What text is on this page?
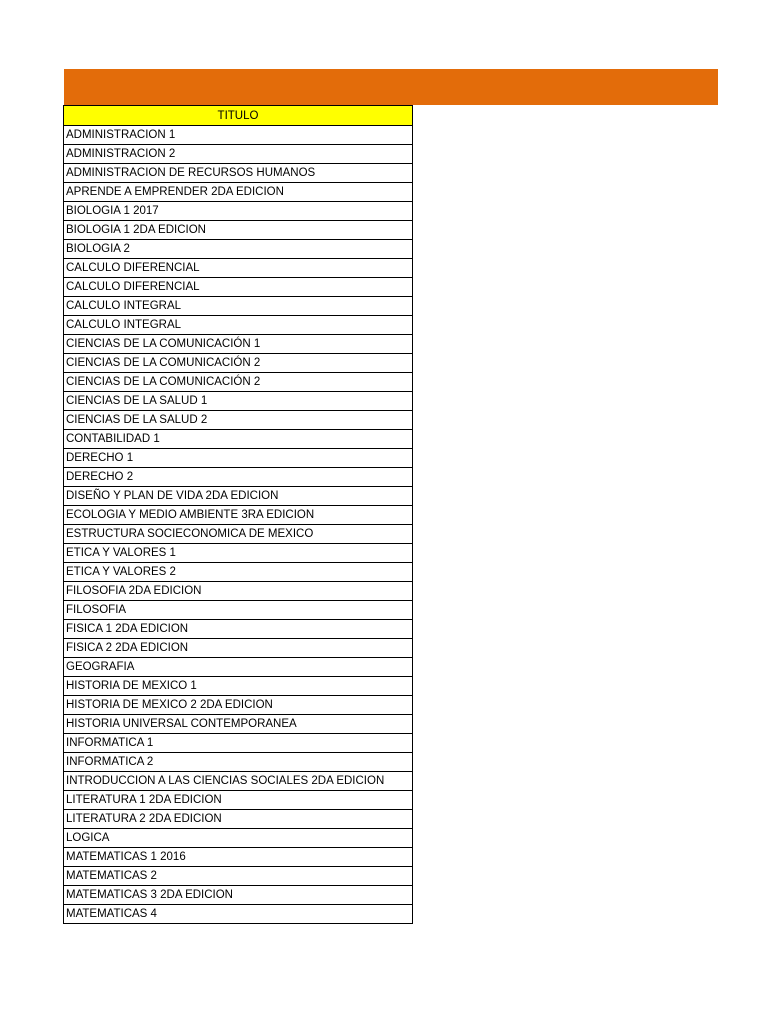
TITULO
ADMINISTRACION 1
ADMINISTRACION 2
ADMINISTRACION DE RECURSOS HUMANOS
APRENDE A EMPRENDER 2DA EDICION
BIOLOGIA 1 2017
BIOLOGIA 1 2DA EDICION
BIOLOGIA 2
CALCULO DIFERENCIAL
CALCULO DIFERENCIAL
CALCULO INTEGRAL
CALCULO INTEGRAL
CIENCIAS DE LA COMUNICACIÓN 1
CIENCIAS DE LA COMUNICACIÓN 2
CIENCIAS DE LA COMUNICACIÓN 2
CIENCIAS DE LA SALUD 1
CIENCIAS DE LA SALUD 2
CONTABILIDAD 1
DERECHO 1
DERECHO 2
DISEÑO Y PLAN DE VIDA 2DA EDICION
ECOLOGIA Y MEDIO AMBIENTE 3RA EDICION
ESTRUCTURA SOCIECONOMICA DE MEXICO
ETICA Y VALORES 1
ETICA Y VALORES 2
FILOSOFIA 2DA EDICION
FILOSOFIA
FISICA 1 2DA EDICION
FISICA 2 2DA EDICION
GEOGRAFIA
HISTORIA DE MEXICO 1
HISTORIA DE MEXICO 2 2DA EDICION
HISTORIA UNIVERSAL CONTEMPORANEA
INFORMATICA 1
INFORMATICA 2
INTRODUCCION A LAS CIENCIAS SOCIALES 2DA EDICION
LITERATURA 1 2DA EDICION
LITERATURA 2 2DA EDICION
LOGICA
MATEMATICAS 1 2016
MATEMATICAS 2
MATEMATICAS 3 2DA EDICION
MATEMATICAS 4
